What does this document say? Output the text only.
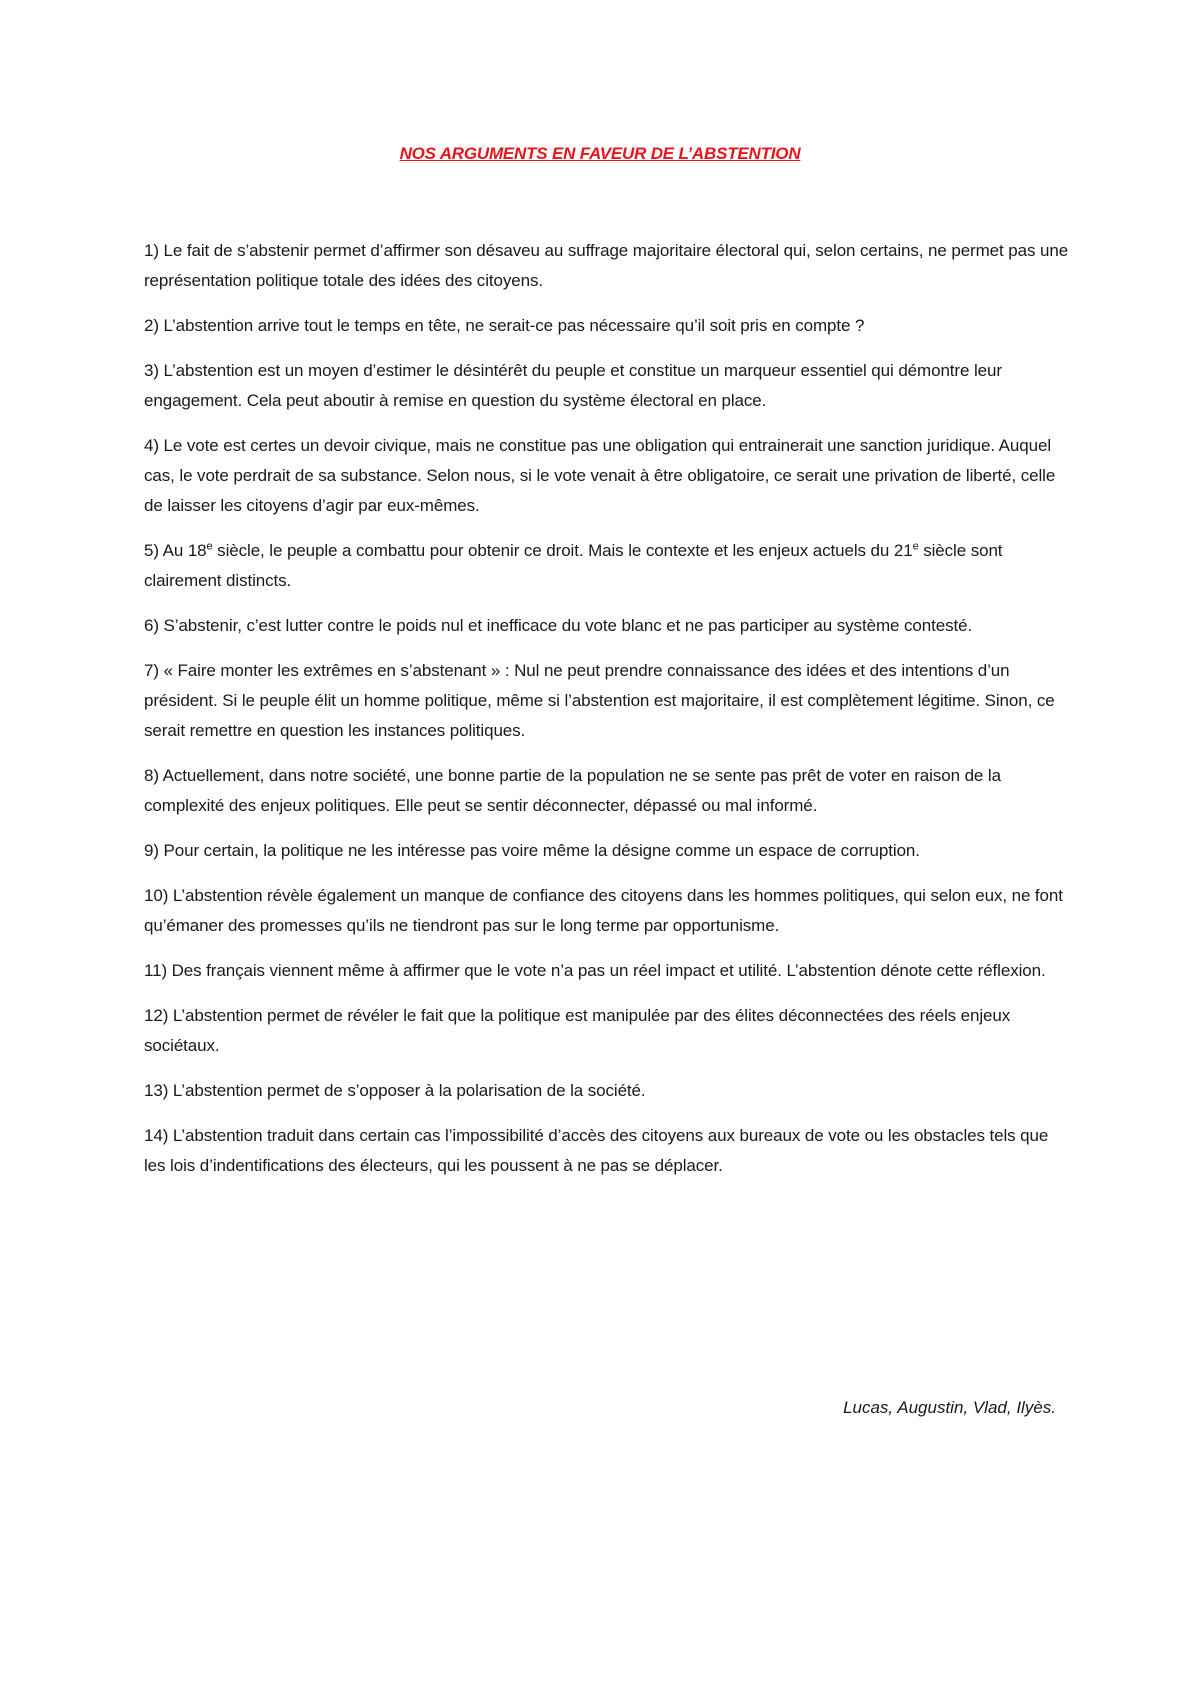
NOS ARGUMENTS EN FAVEUR DE L’ABSTENTION

1) Le fait de s’abstenir permet d’affirmer son désaveu au suffrage majoritaire électoral qui, selon certains, ne permet pas une représentation politique totale des idées des citoyens.

2) L’abstention arrive tout le temps en tête, ne serait-ce pas nécessaire qu’il soit pris en compte ?

3) L’abstention est un moyen d’estimer le désintérêt du peuple et constitue un marqueur essentiel qui démontre leur engagement. Cela peut aboutir à remise en question du système électoral en place.

4) Le vote est certes un devoir civique, mais ne constitue pas une obligation qui entrainerait une sanction juridique. Auquel cas, le vote perdrait de sa substance. Selon nous, si le vote venait à être obligatoire, ce serait une privation de liberté, celle de laisser les citoyens d’agir par eux-mêmes.

5) Au 18e siècle, le peuple a combattu pour obtenir ce droit. Mais le contexte et les enjeux actuels du 21e siècle sont clairement distincts.

6) S’abstenir, c’est lutter contre le poids nul et inefficace du vote blanc et ne pas participer au système contesté.

7) « Faire monter les extrêmes en s’abstenant » : Nul ne peut prendre connaissance des idées et des intentions d’un président. Si le peuple élit un homme politique, même si l’abstention est majoritaire, il est complètement légitime. Sinon, ce serait remettre en question les instances politiques.

8) Actuellement, dans notre société, une bonne partie de la population ne se sente pas prêt de voter en raison de la complexité des enjeux politiques. Elle peut se sentir déconnecter, dépassé ou mal informé.

9) Pour certain, la politique ne les intéresse pas voire même la désigne comme un espace de corruption.

10) L’abstention révèle également un manque de confiance des citoyens dans les hommes politiques, qui selon eux, ne font qu’émaner des promesses qu’ils ne tiendront pas sur le long terme par opportunisme.

11) Des français viennent même à affirmer que le vote n’a pas un réel impact et utilité. L’abstention dénote cette réflexion.

12) L’abstention permet de révéler le fait que la politique est manipulée par des élites déconnectées des réels enjeux sociétaux.

13) L’abstention permet de s’opposer à la polarisation de la société.

14) L’abstention traduit dans certain cas l’impossibilité d’accès des citoyens aux bureaux de vote ou les obstacles tels que les lois d’indentifications des électeurs, qui les poussent à ne pas se déplacer.

Lucas, Augustin, Vlad, Ilyès.
